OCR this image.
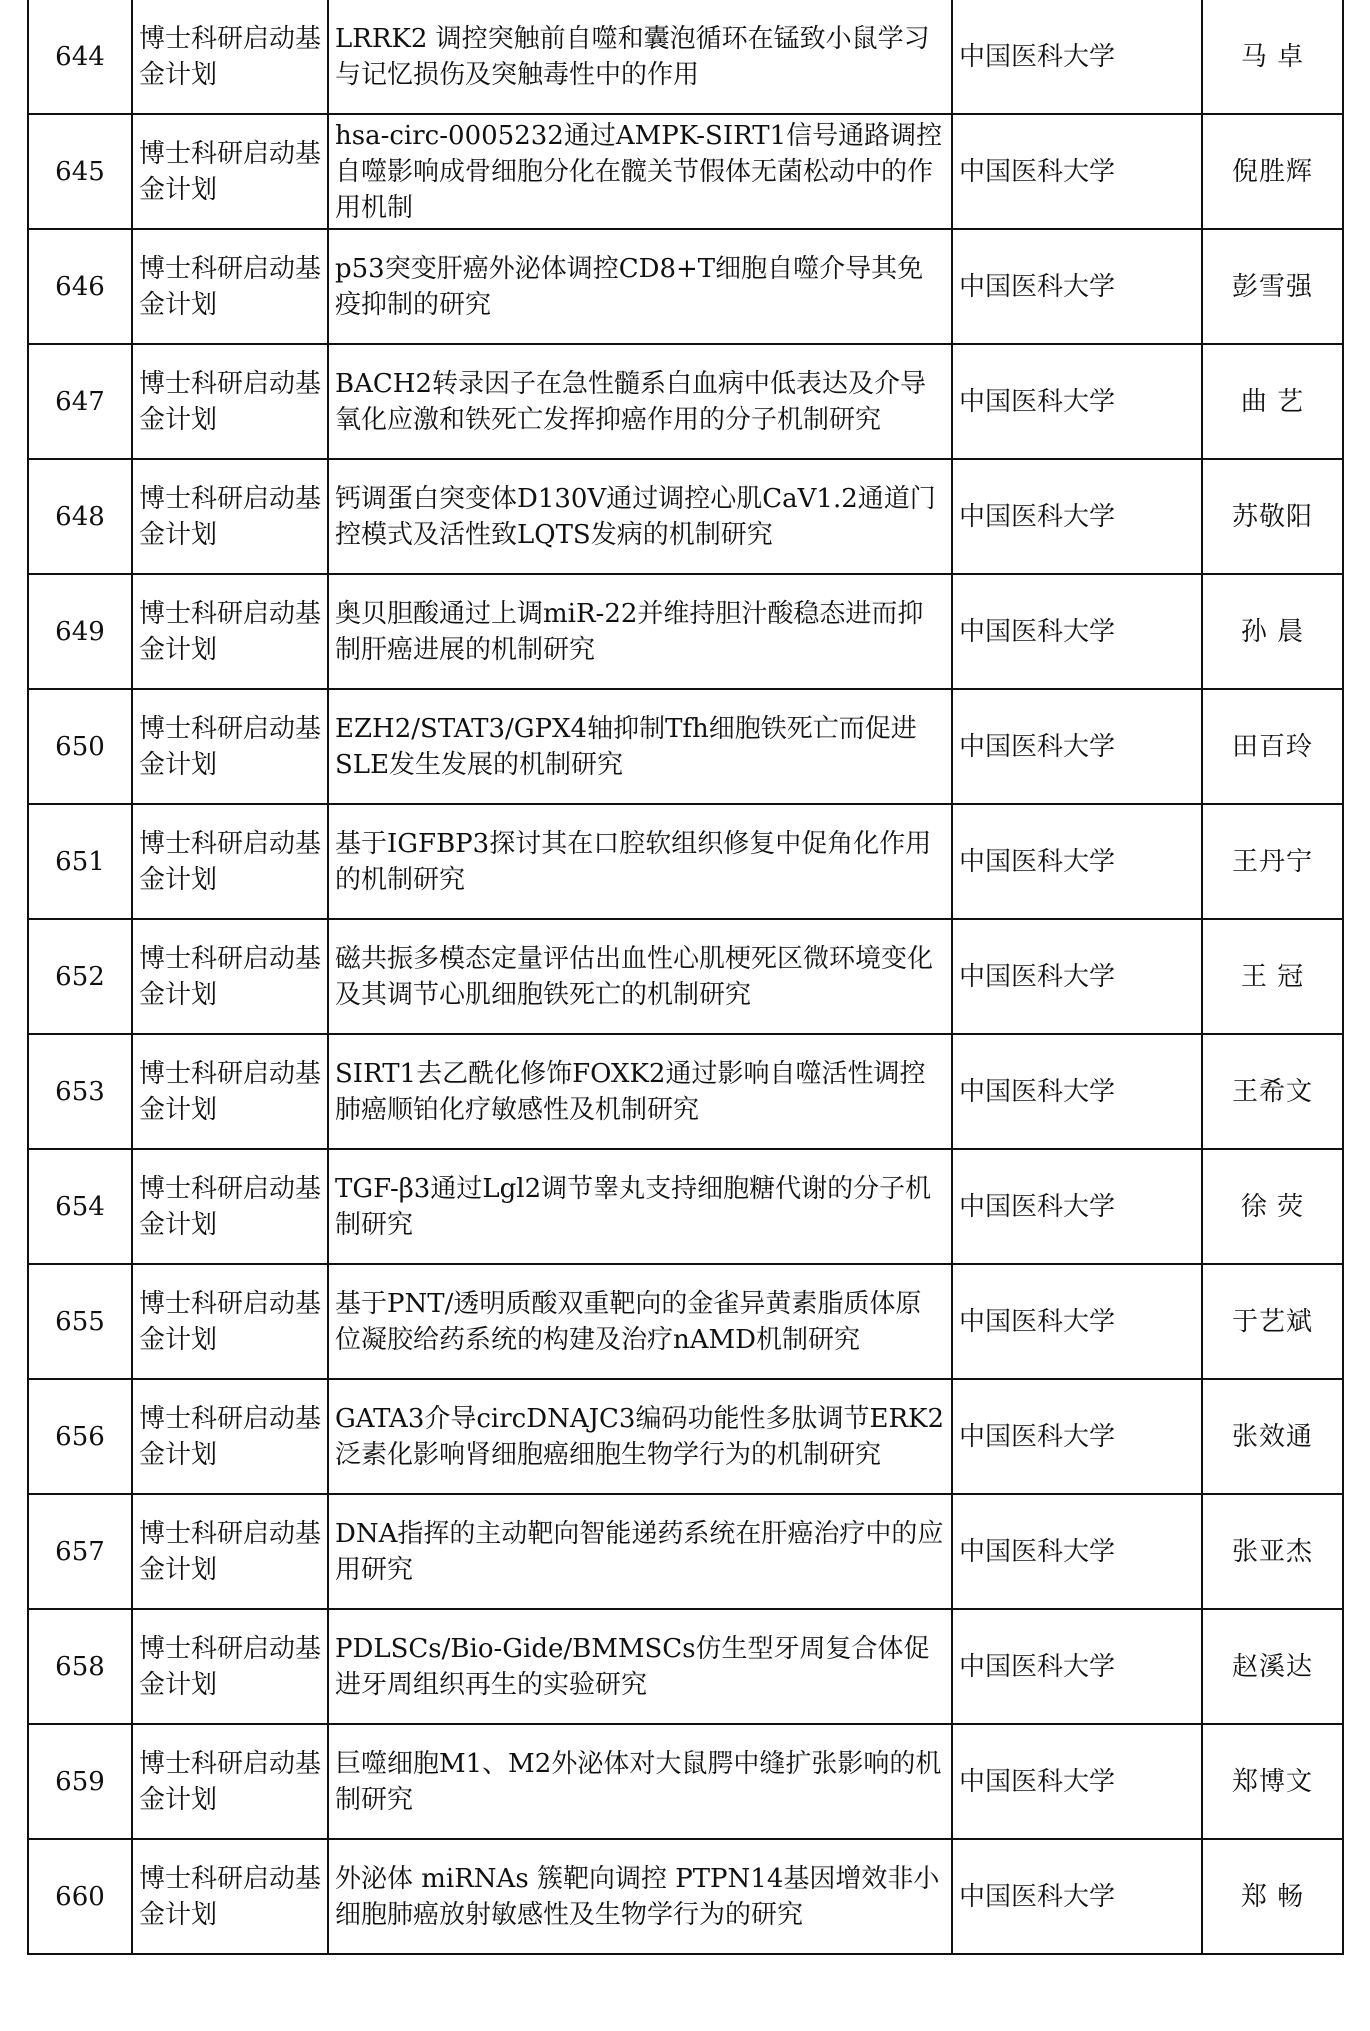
644	博士科研启动基金计划	LRRK2 调控突触前自噬和囊泡循环在锰致小鼠学习与记忆损伤及突触毒性中的作用	中国医科大学	马 卓
645	博士科研启动基金计划	hsa-circ-0005232通过AMPK-SIRT1信号通路调控自噬影响成骨细胞分化在髋关节假体无菌松动中的作用机制	中国医科大学	倪胜辉
646	博士科研启动基金计划	p53突变肝癌外泌体调控CD8+T细胞自噬介导其免疫抑制的研究	中国医科大学	彭雪强
647	博士科研启动基金计划	BACH2转录因子在急性髓系白血病中低表达及介导氧化应激和铁死亡发挥抑癌作用的分子机制研究	中国医科大学	曲 艺
648	博士科研启动基金计划	钙调蛋白突变体D130V通过调控心肌CaV1.2通道门控模式及活性致LQTS发病的机制研究	中国医科大学	苏敬阳
649	博士科研启动基金计划	奥贝胆酸通过上调miR-22并维持胆汁酸稳态进而抑制肝癌进展的机制研究	中国医科大学	孙 晨
650	博士科研启动基金计划	EZH2/STAT3/GPX4轴抑制Tfh细胞铁死亡而促进SLE发生发展的机制研究	中国医科大学	田百玲
651	博士科研启动基金计划	基于IGFBP3探讨其在口腔软组织修复中促角化作用的机制研究	中国医科大学	王丹宁
652	博士科研启动基金计划	磁共振多模态定量评估出血性心肌梗死区微环境变化及其调节心肌细胞铁死亡的机制研究	中国医科大学	王 冠
653	博士科研启动基金计划	SIRT1去乙酰化修饰FOXK2通过影响自噬活性调控肺癌顺铂化疗敏感性及机制研究	中国医科大学	王希文
654	博士科研启动基金计划	TGF-β3通过Lgl2调节睾丸支持细胞糖代谢的分子机制研究	中国医科大学	徐 荧
655	博士科研启动基金计划	基于PNT/透明质酸双重靶向的金雀异黄素脂质体原位凝胶给药系统的构建及治疗nAMD机制研究	中国医科大学	于艺斌
656	博士科研启动基金计划	GATA3介导circDNAJC3编码功能性多肽调节ERK2泛素化影响肾细胞癌细胞生物学行为的机制研究	中国医科大学	张效通
657	博士科研启动基金计划	DNA指挥的主动靶向智能递药系统在肝癌治疗中的应用研究	中国医科大学	张亚杰
658	博士科研启动基金计划	PDLSCs/Bio-Gide/BMMSCs仿生型牙周复合体促进牙周组织再生的实验研究	中国医科大学	赵溪达
659	博士科研启动基金计划	巨噬细胞M1、M2外泌体对大鼠腭中缝扩张影响的机制研究	中国医科大学	郑博文
660	博士科研启动基金计划	外泌体 miRNAs 簇靶向调控 PTPN14基因增效非小细胞肺癌放射敏感性及生物学行为的研究	中国医科大学	郑 畅
